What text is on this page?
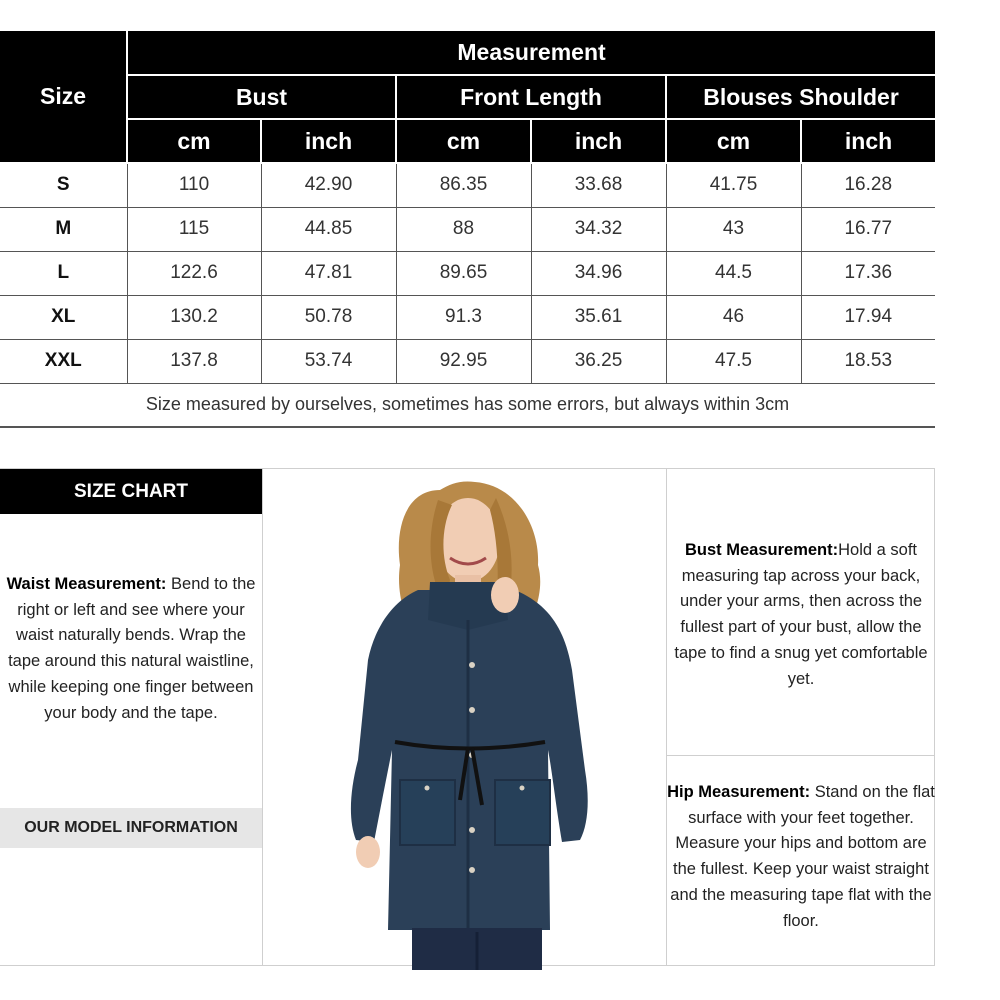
Size	Measurement					
	Bust		Front Length		Blouses Shoulder	
	cm	inch	cm	inch	cm	inch
S	110	42.90	86.35	33.68	41.75	16.28
M	115	44.85	88	34.32	43	16.77
L	122.6	47.81	89.65	34.96	44.5	17.36
XL	130.2	50.78	91.3	35.61	46	17.94
XXL	137.8	53.74	92.95	36.25	47.5	18.53
Size measured by ourselves, sometimes has some errors, but always within 3cm						
SIZE CHART
Waist Measurement: Bend to the right or left and see where your waist naturally bends. Wrap the tape around this natural waistline, while keeping one finger between your body and the tape.
OUR MODEL INFORMATION
Bust Measurement:Hold a soft measuring tap across your back, under your arms, then across the fullest part of your bust, allow the tape to find a snug yet comfortable yet.
Hip Measurement: Stand on the flat surface with your feet together. Measure your hips and bottom are the fullest. Keep your waist straight and the measuring tape flat with the floor.
